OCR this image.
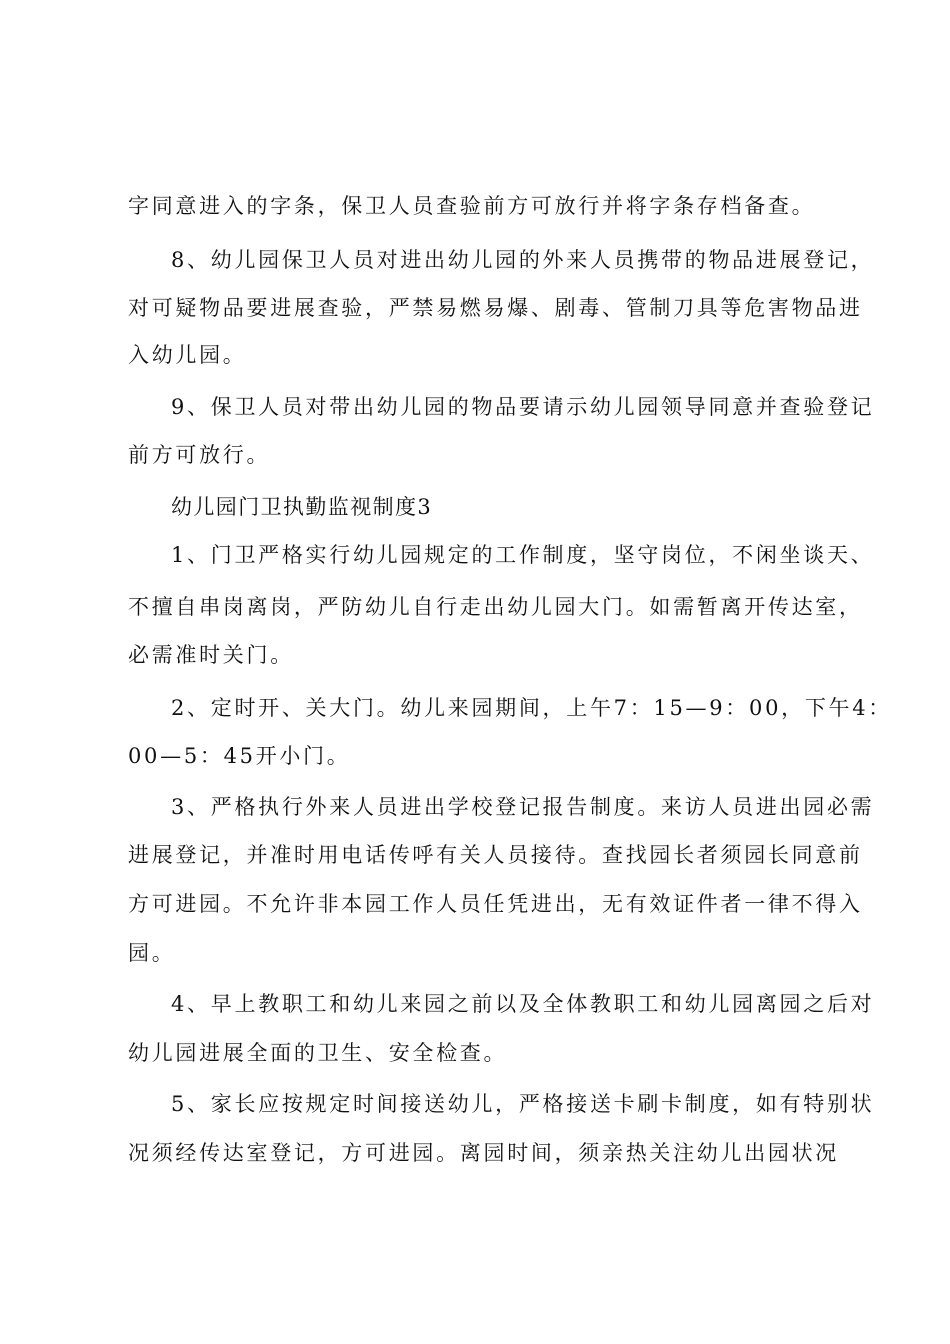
字同意进入的字条，保卫人员查验前方可放行并将字条存档备查。
8、幼儿园保卫人员对进出幼儿园的外来人员携带的物品进展登记，
对可疑物品要进展查验，严禁易燃易爆、剧毒、管制刀具等危害物品进
入幼儿园。
9、保卫人员对带出幼儿园的物品要请示幼儿园领导同意并查验登记
前方可放行。
幼儿园门卫执勤监视制度3
1、门卫严格实行幼儿园规定的工作制度，坚守岗位，不闲坐谈天、
不擅自串岗离岗，严防幼儿自行走出幼儿园大门。如需暂离开传达室，
必需准时关门。
2、定时开、关大门。幼儿来园期间，上午7：15—9：00，下午4：
00—5：45开小门。
3、严格执行外来人员进出学校登记报告制度。来访人员进出园必需
进展登记，并准时用电话传呼有关人员接待。查找园长者须园长同意前
方可进园。不允许非本园工作人员任凭进出，无有效证件者一律不得入
园。
4、早上教职工和幼儿来园之前以及全体教职工和幼儿园离园之后对
幼儿园进展全面的卫生、安全检查。
5、家长应按规定时间接送幼儿，严格接送卡刷卡制度，如有特别状
况须经传达室登记，方可进园。离园时间，须亲热关注幼儿出园状况
